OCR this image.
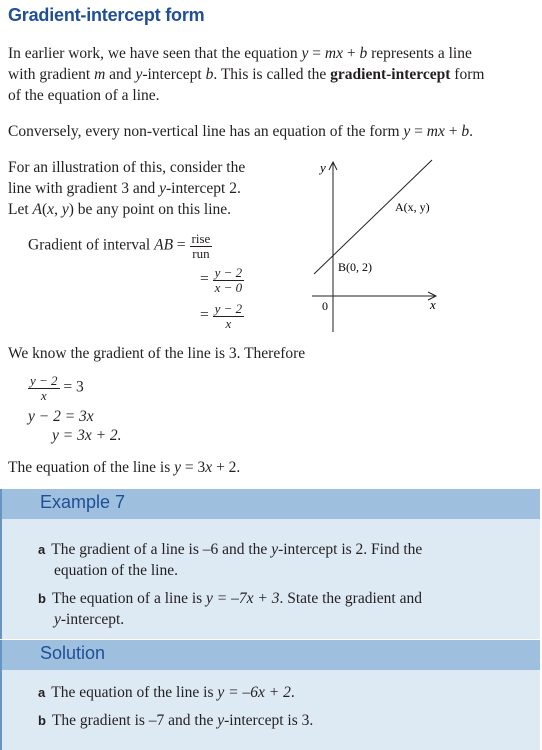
Gradient-intercept form
In earlier work, we have seen that the equation y = mx + b represents a line
with gradient m and y-intercept b. This is called the gradient-intercept form
of the equation of a line.
Conversely, every non-vertical line has an equation of the form y = mx + b.
For an illustration of this, consider the
line with gradient 3 and y-intercept 2.
Let A(x, y) be any point on this line.
Gradient of interval AB = $\frac{\text{rise}}{\text{run}}$
= $\frac{y - 2}{x - 0}$
= $\frac{y - 2}{x}$
y
x
0
A(x, y)
B(0, 2)
We know the gradient of the line is 3. Therefore
$\frac{y - 2}{x} = 3$
y − 2 = 3x
y = 3x + 2.
The equation of the line is y = 3x + 2.
Example 7
a The gradient of a line is –6 and the y-intercept is 2. Find the
equation of the line.
b The equation of a line is y = –7x + 3. State the gradient and
y-intercept.
Solution
a The equation of the line is y = –6x + 2.
b The gradient is –7 and the y-intercept is 3.
